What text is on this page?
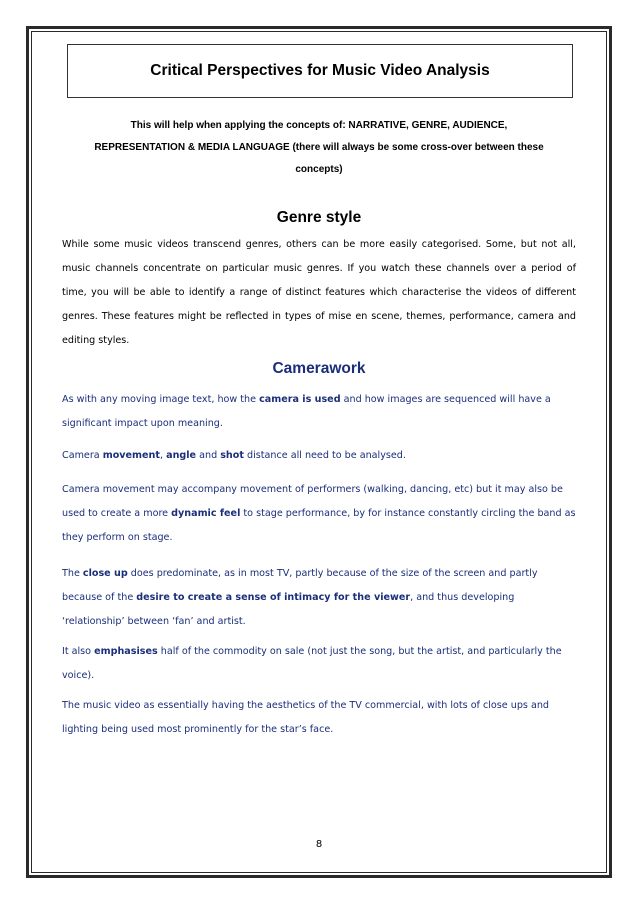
Critical Perspectives for Music Video Analysis

This will help when applying the concepts of: NARRATIVE, GENRE, AUDIENCE,

REPRESENTATION & MEDIA LANGUAGE (there will always be some cross-over between these

concepts)

Genre style

While some music videos transcend genres, others can be more easily categorised. Some, but not all, music channels concentrate on particular music genres. If you watch these channels over a period of time, you will be able to identify a range of distinct features which characterise the videos of different genres. These features might be reflected in types of mise en scene, themes, performance, camera and editing styles.

Camerawork

As with any moving image text, how the camera is used and how images are sequenced will have a significant impact upon meaning.

Camera movement, angle and shot distance all need to be analysed.

Camera movement may accompany movement of performers (walking, dancing, etc) but it may also be used to create a more dynamic feel to stage performance, by for instance constantly circling the band as they perform on stage.

The close up does predominate, as in most TV, partly because of the size of the screen and partly because of the desire to create a sense of intimacy for the viewer, and thus developing ‘relationship’ between ‘fan’ and artist.

It also emphasises half of the commodity on sale (not just the song, but the artist, and particularly the voice).

The music video as essentially having the aesthetics of the TV commercial, with lots of close ups and lighting being used most prominently for the star’s face.

8
